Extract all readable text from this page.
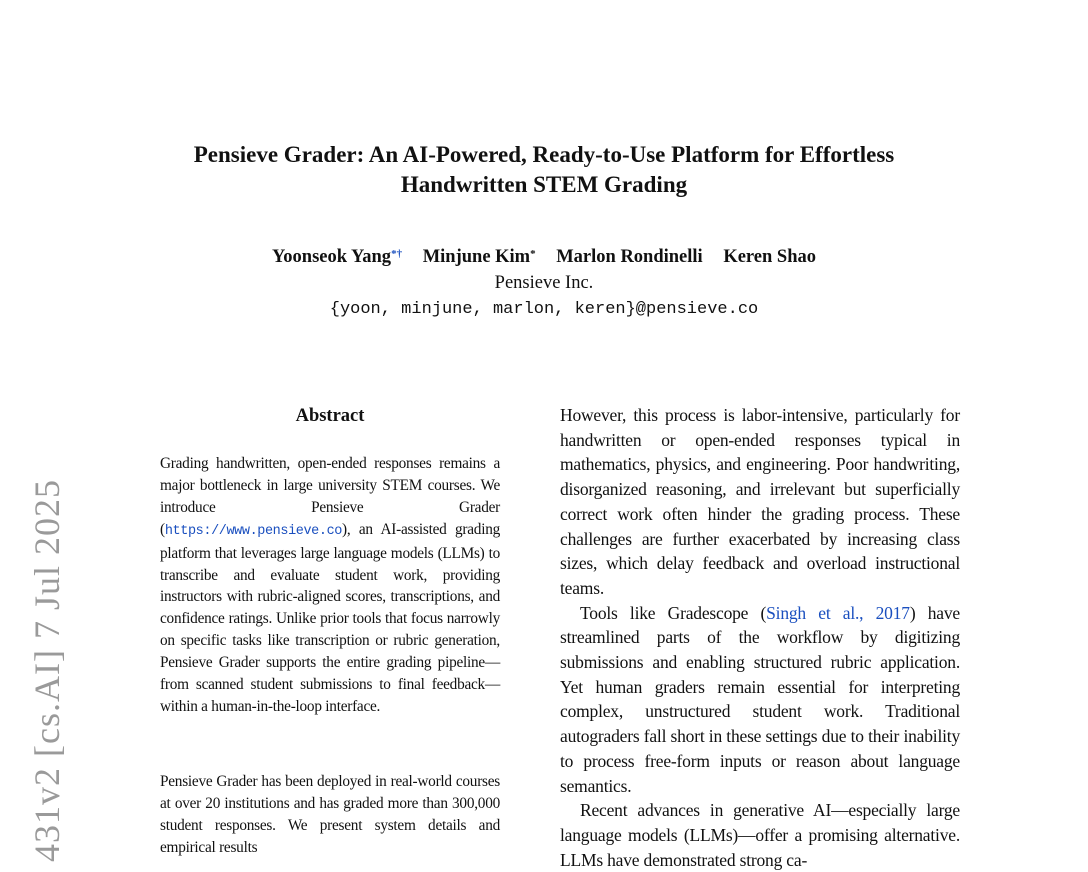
431v2 [cs.AI] 7 Jul 2025
Pensieve Grader: An AI-Powered, Ready-to-Use Platform for Effortless
Handwritten STEM Grading
Yoonseok Yang*† Minjune Kim* Marlon Rondinelli Keren Shao
Pensieve Inc.
{yoon, minjune, marlon, keren}@pensieve.co
Abstract
Grading handwritten, open-ended responses remains a major bottleneck in large university STEM courses. We introduce Pensieve Grader (https://www.pensieve.co), an AI-assisted grading platform that leverages large language models (LLMs) to transcribe and evaluate student work, providing instructors with rubric-aligned scores, transcriptions, and confidence ratings. Unlike prior tools that focus narrowly on specific tasks like transcription or rubric generation, Pensieve Grader supports the entire grading pipeline—from scanned student submissions to final feedback—within a human-in-the-loop interface.
Pensieve Grader has been deployed in real-world courses at over 20 institutions and has graded more than 300,000 student responses. We present system details and empirical results

However, this process is labor-intensive, particularly for handwritten or open-ended responses typical in mathematics, physics, and engineering. Poor handwriting, disorganized reasoning, and irrelevant but superficially correct work often hinder the grading process. These challenges are further exacerbated by increasing class sizes, which delay feedback and overload instructional teams.

Tools like Gradescope (Singh et al., 2017) have streamlined parts of the workflow by digitizing submissions and enabling structured rubric application. Yet human graders remain essential for interpreting complex, unstructured student work. Traditional autograders fall short in these settings due to their inability to process free-form inputs or reason about language semantics.

Recent advances in generative AI—especially large language models (LLMs)—offer a promising alternative. LLMs have demonstrated strong ca-
